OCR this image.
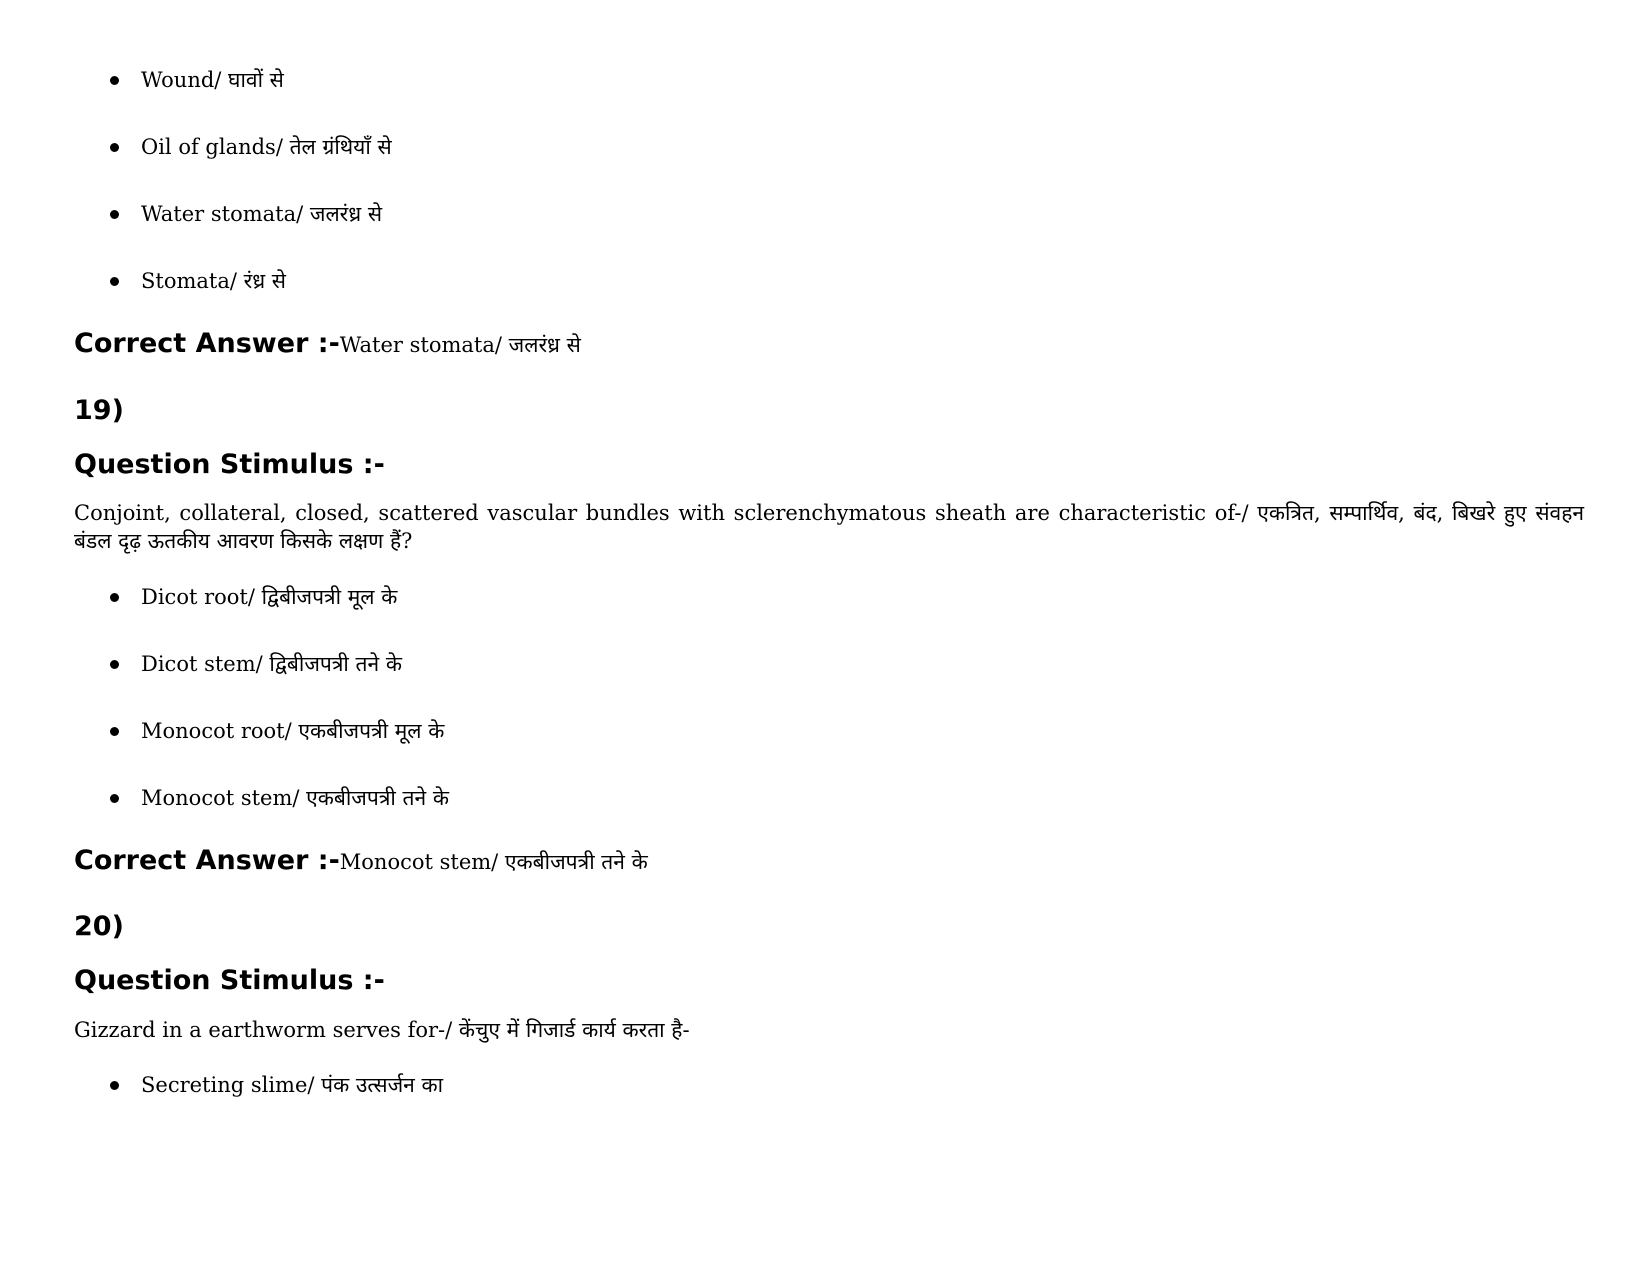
Wound/ घावों से
Oil of glands/ तेल ग्रंथियाँ से
Water stomata/ जलरंध्र से
Stomata/ रंध्र से
Correct Answer :-Water stomata/ जलरंध्र से
19)
Question Stimulus :-
Conjoint, collateral, closed, scattered vascular bundles with sclerenchymatous sheath are characteristic of-/ एकत्रित, सम्पार्थिव, बंद, बिखरे हुए संवहन बंडल दृढ़ ऊतकीय आवरण किसके लक्षण हैं?
Dicot root/ द्विबीजपत्री मूल के
Dicot stem/ द्विबीजपत्री तने के
Monocot root/ एकबीजपत्री मूल के
Monocot stem/ एकबीजपत्री तने के
Correct Answer :-Monocot stem/ एकबीजपत्री तने के
20)
Question Stimulus :-
Gizzard in a earthworm serves for-/ केंचुए में गिजार्ड कार्य करता है-
Secreting slime/ पंक उत्सर्जन का
